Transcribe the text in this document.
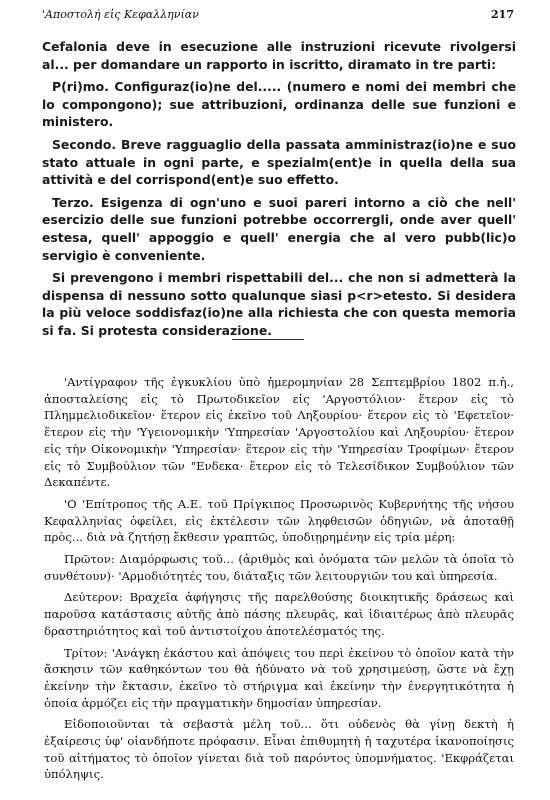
'Αποστολή εἰς Κεφαλληνίαν	217

Cefalonia deve in esecuzione alle instruzioni ricevute rivolgersi al... per domandare un rapporto in iscritto, diramato in tre parti:

P(ri)mo. Configuraz(io)ne del..... (numero e nomi dei membri che lo compongono); sue attribuzioni, ordinanza delle sue funzioni e ministero.

Secondo. Breve ragguaglio della passata amministraz(io)ne e suo stato attuale in ogni parte, e spezialm(ent)e in quella della sua attività e del corrispond(ent)e suo effetto.

Terzo. Esigenza di ogn'uno e suoi pareri intorno a ciò che nell' esercizio delle sue funzioni potrebbe occorrergli, onde aver quell' estesa, quell' appoggio e quell' energia che al vero pubb(lic)o servigio è conveniente.

Si prevengono i membri rispettabili del... che non si admetterà la dispensa di nessuno sotto qualunque siasi p<r>etesto. Si desidera la più veloce soddisfaz(io)ne alla richiesta che con questa memoria si fa. Si protesta considerazione.

'Αντίγραφον τῆς ἐγκυκλίου ὑπὸ ἡμερομηνίαν 28 Σεπτεμβρίου 1802 π.ἡ., ἀποσταλείσης εἰς τὸ Πρωτοδικεῖον εἰς 'Αργοστόλιον· ἕτερον εἰς τὸ Πλημμελιοδικεῖον· ἕτερον εἰς ἐκεῖνο τοῦ Ληξουρίου· ἕτερον εἰς τὸ 'Εφετεῖον· ἕτερον εἰς τὴν 'Υγειονομικὴν 'Υπηρεσίαν 'Αργοστολίου καὶ Ληξουρίου· ἕτερον εἰς τὴν Οἰκονομικὴν 'Υπηρεσίαν· ἕτερον εἰς τὴν 'Υπηρεσίαν Τροφίμων· ἕτερον εἰς τὸ Συμβούλιον τῶν "Ενδεκα· ἕτερον εἰς τὸ Τελεσίδικον Συμβούλιον τῶν Δεκαπέντε.

'Ο 'Επίτροπος τῆς Α.Ε. τοῦ Πρίγκιπος Προσωρινὸς Κυβερνήτης τῆς νήσου Κεφαλληνίας ὀφείλει, εἰς ἐκτέλεσιν τῶν ληφθεισῶν ὁδηγιῶν, νὰ ἀποταθῇ πρὸς... διὰ νὰ ζητήσῃ ἔκθεσιν γραπτῶς, ὑποδιῃρημένην εἰς τρία μέρη:

Πρῶτον: Διαμόρφωσις τοῦ... (ἀριθμὸς καὶ ὀνόματα τῶν μελῶν τὰ ὁποῖα τὸ συνθέτουν)· 'Αρμοδιότητές του, διάταξις τῶν λειτουργιῶν του καὶ ὑπηρεσία.

Δεύτερον: Βραχεῖα ἀφήγησις τῆς παρελθούσης διοικητικῆς δράσεως καὶ παροῦσα κατάστασις αὐτῆς ἀπὸ πάσης πλευρᾶς, καὶ ἰδιαιτέρως ἀπὸ πλευρᾶς δραστηριότητος καὶ τοῦ ἀντιστοίχου ἀποτελέσματός της.

Τρίτον: 'Ανάγκη ἑκάστου καὶ ἀπόψεις του περὶ ἐκείνου τὸ ὁποῖον κατὰ τὴν ἄσκησιν τῶν καθηκόντων του θὰ ἠδύνατο νὰ τοῦ χρησιμεύσῃ, ὥστε νὰ ἔχῃ ἐκείνην τὴν ἔκτασιν, ἐκεῖνο τὸ στήριγμα καὶ ἐκείνην τὴν ἐνεργητικότητα ἡ ὁποία ἁρμόζει εἰς τὴν πραγματικὴν δημοσίαν ὑπηρεσίαν.

Εἰδοποιοῦνται τὰ σεβαστὰ μέλη τοῦ... ὅτι οὐδενὸς θὰ γίνῃ δεκτὴ ἡ ἐξαίρεσις ὑφ' οἱανδήποτε πρόφασιν. Εἶναι ἐπιθυμητὴ ἡ ταχυτέρα ἱκανοποίησις τοῦ αἰτήματος τὸ ὁποῖον γίνεται διὰ τοῦ παρόντος ὑπομνήματος. 'Εκφράζεται ὑπόληψις.
